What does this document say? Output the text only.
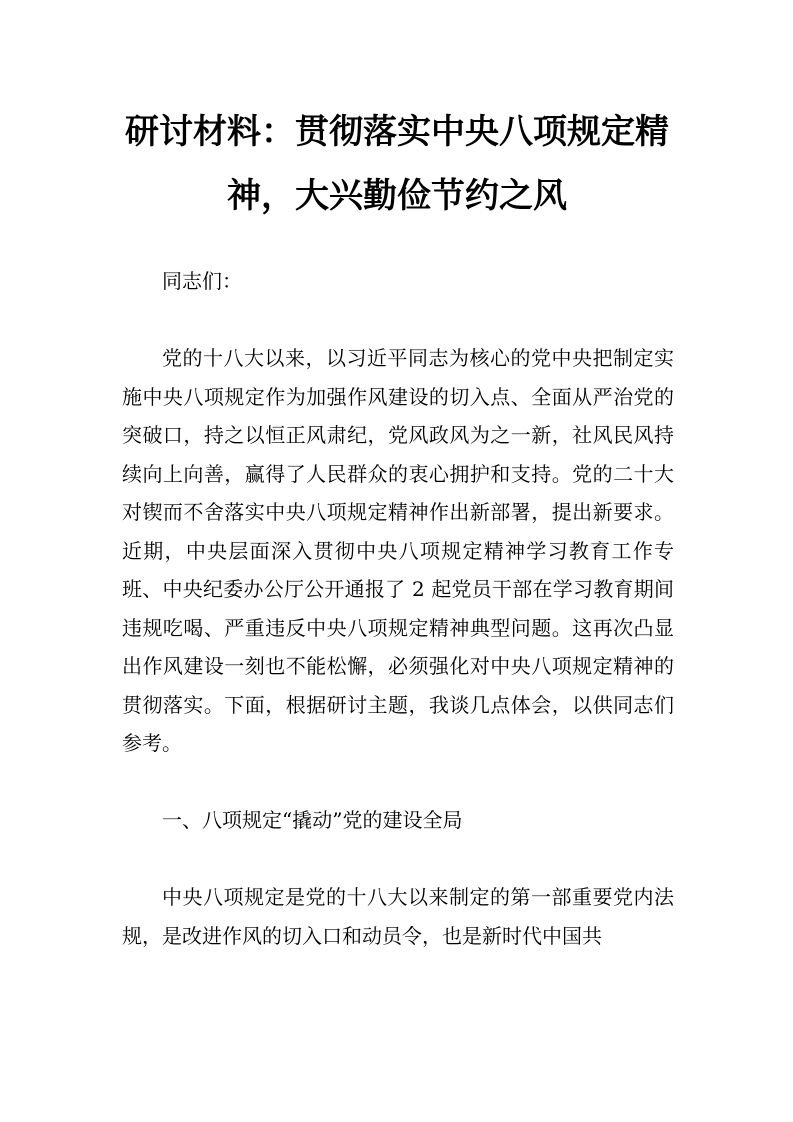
研讨材料：贯彻落实中央八项规定精神，大兴勤俭节约之风

同志们：

党的十八大以来，以习近平同志为核心的党中央把制定实施中央八项规定作为加强作风建设的切入点、全面从严治党的突破口，持之以恒正风肃纪，党风政风为之一新，社风民风持续向上向善，赢得了人民群众的衷心拥护和支持。党的二十大对锲而不舍落实中央八项规定精神作出新部署，提出新要求。近期，中央层面深入贯彻中央八项规定精神学习教育工作专班、中央纪委办公厅公开通报了 2 起党员干部在学习教育期间违规吃喝、严重违反中央八项规定精神典型问题。这再次凸显出作风建设一刻也不能松懈，必须强化对中央八项规定精神的贯彻落实。下面，根据研讨主题，我谈几点体会，以供同志们参考。

一、八项规定“撬动”党的建设全局

中央八项规定是党的十八大以来制定的第一部重要党内法规，是改进作风的切入口和动员令，也是新时代中国共
